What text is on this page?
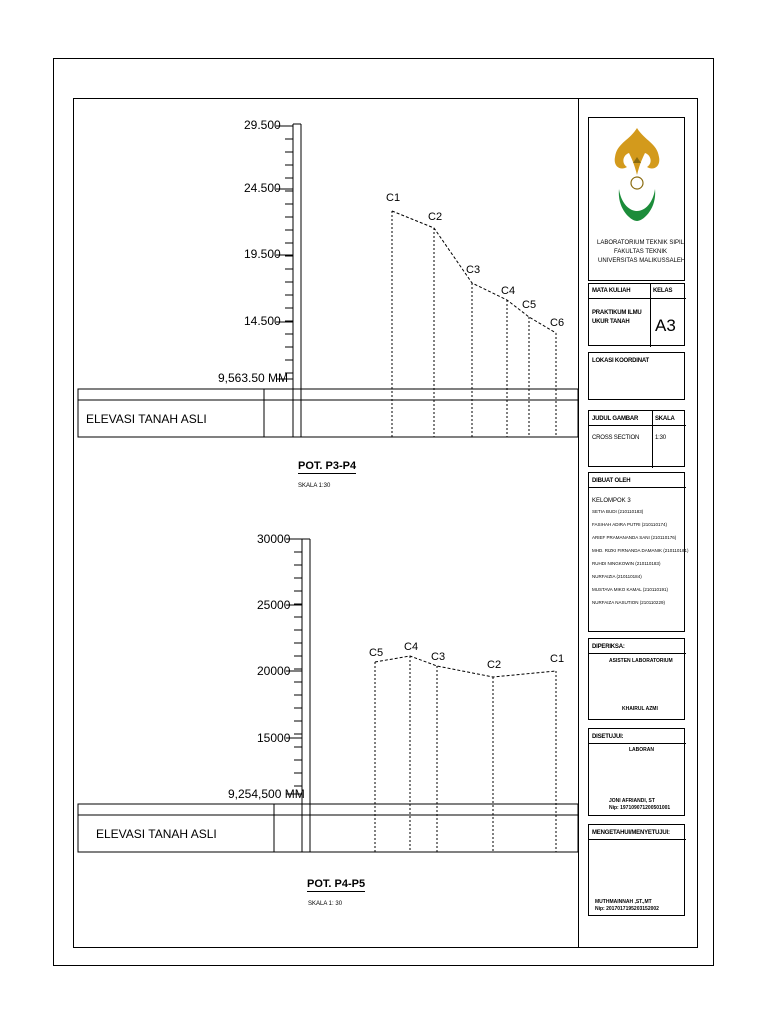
29.500
24.500
19.500
14.500
9,563.50 MM
C1
C2
C3
C4
C5
C6
ELEVASI TANAH ASLI
POT. P3-P4
SKALA 1:30
30000
25000
20000
15000
9,254,500 MM
C5 C4
C3
C2	C1
ELEVASI TANAH ASLI
POT. P4-P5
SKALA 1: 30
LABORATORIUM TEKNIK SIPIL
FAKULTAS TEKNIK
UNIVERSITAS MALIKUSSALEH
MATA KULIAH	KELAS
PRAKTIKUM ILMU
UKUR TANAH A3
LOKASI KOORDINAT
JUDUL GAMBAR	SKALA
CROSS SECTION	1:30
DIBUAT OLEH
KELOMPOK 3
SETIA BUDI (210110183)
FASIHAH ADIRA PUTRI (210110174)
ARIEF PRAMANANDA SANI (210110176)
MHD. RIZKI FIRNANDA DAMANIK (210110181)
RUHDI NINGKOWIN (210110183)
NURFAIZIA (210110184)
MUSTAVA MIKO KAMAL (210110191)
NURFAIZA NASUTION (210110229)
DIPERIKSA:
ASISTEN LABORATORIUM
KHAIRUL AZMI
DISETUJUI:
LABORAN
JONI AFRIANDI, ST
Nip: 197109071200501001
MENGETAHUI/MENYETUJUI:
MUTHMAINNAH ,ST.,MT
Nip: 2017017195203152002
